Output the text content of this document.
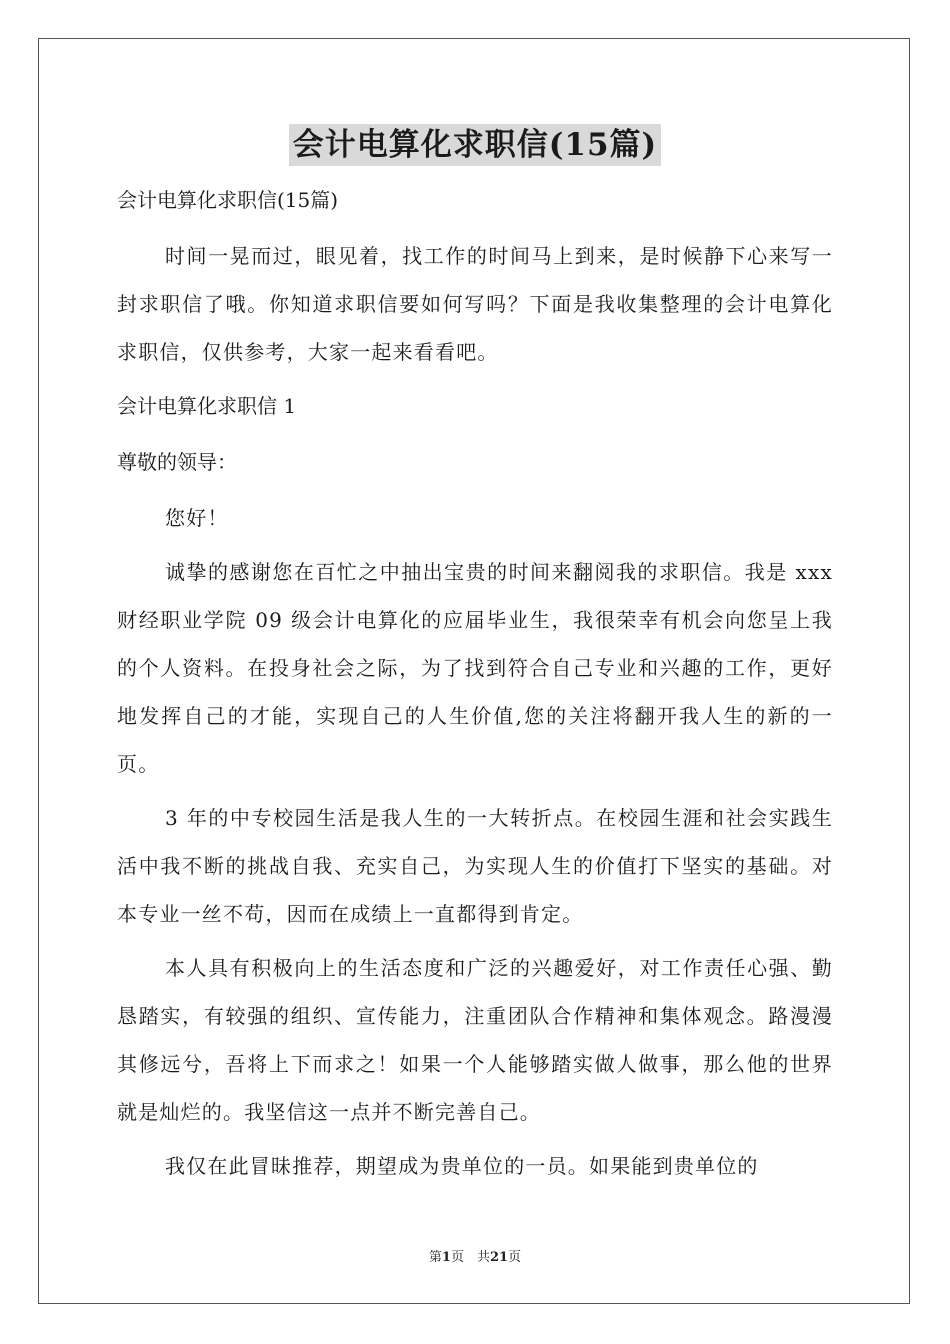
会计电算化求职信(15篇)

会计电算化求职信(15篇)

时间一晃而过，眼见着，找工作的时间马上到来，是时候静下心来写一封求职信了哦。你知道求职信要如何写吗？下面是我收集整理的会计电算化求职信，仅供参考，大家一起来看看吧。

会计电算化求职信 1

尊敬的领导：

您好！

诚挚的感谢您在百忙之中抽出宝贵的时间来翻阅我的求职信。我是 xxx 财经职业学院 09 级会计电算化的应届毕业生，我很荣幸有机会向您呈上我的个人资料。在投身社会之际，为了找到符合自己专业和兴趣的工作，更好地发挥自己的才能，实现自己的人生价值,您的关注将翻开我人生的新的一页。

3 年的中专校园生活是我人生的一大转折点。在校园生涯和社会实践生活中我不断的挑战自我、充实自己，为实现人生的价值打下坚实的基础。对本专业一丝不苟，因而在成绩上一直都得到肯定。

本人具有积极向上的生活态度和广泛的兴趣爱好，对工作责任心强、勤恳踏实，有较强的组织、宣传能力，注重团队合作精神和集体观念。路漫漫其修远兮，吾将上下而求之！如果一个人能够踏实做人做事，那么他的世界就是灿烂的。我坚信这一点并不断完善自己。

我仅在此冒昧推荐，期望成为贵单位的一员。如果能到贵单位的

第1页　共21页
